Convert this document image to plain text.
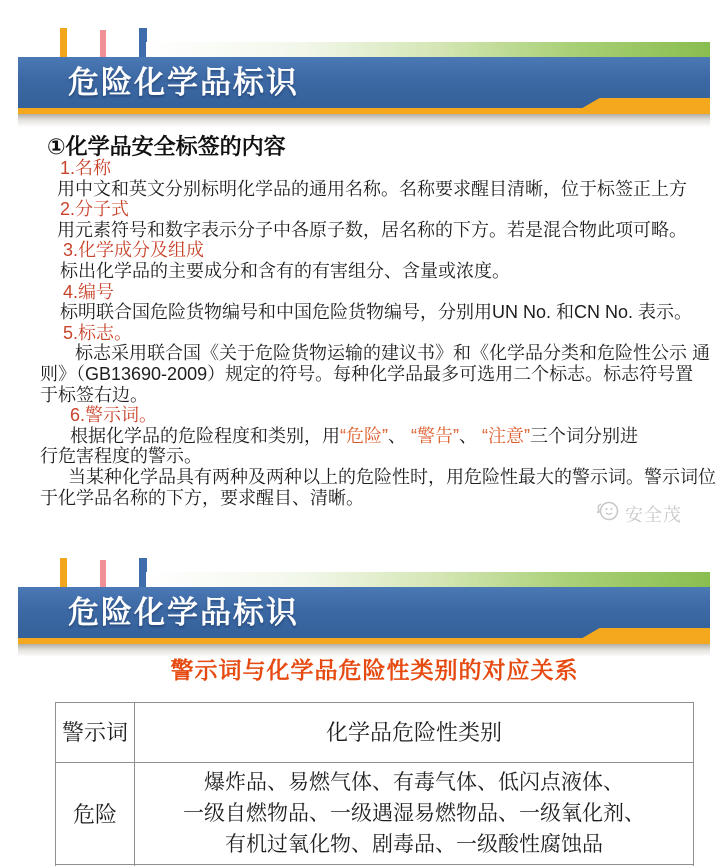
危险化学品标识
①化学品安全标签的内容
1.名称
用中文和英文分别标明化学品的通用名称。名称要求醒目清晰，位于标签正上方
2.分子式
用元素符号和数字表示分子中各原子数，居名称的下方。若是混合物此项可略。
3.化学成分及组成
标出化学品的主要成分和含有的有害组分、含量或浓度。
4.编号
标明联合国危险货物编号和中国危险货物编号，分别用UN No. 和CN No. 表示。
5.标志。
标志采用联合国《关于危险货物运输的建议书》和《化学品分类和危险性公示 通
则》（GB13690-2009）规定的符号。每种化学品最多可选用二个标志。标志符号置
于标签右边。
6.警示词。
根据化学品的危险程度和类别，用“危险”、 “警告”、 “注意”三个词分别进
行危害程度的警示。
当某种化学品具有两种及两种以上的危险性时，用危险性最大的警示词。警示词位
于化学品名称的下方，要求醒目、清晰。
安全茂
危险化学品标识
警示词与化学品危险性类别的对应关系
警示词	化学品危险性类别
危险	爆炸品、易燃气体、有毒气体、低闪点液体、
一级自燃物品、一级遇湿易燃物品、一级氧化剂、
有机过氧化物、剧毒品、一级酸性腐蚀品
